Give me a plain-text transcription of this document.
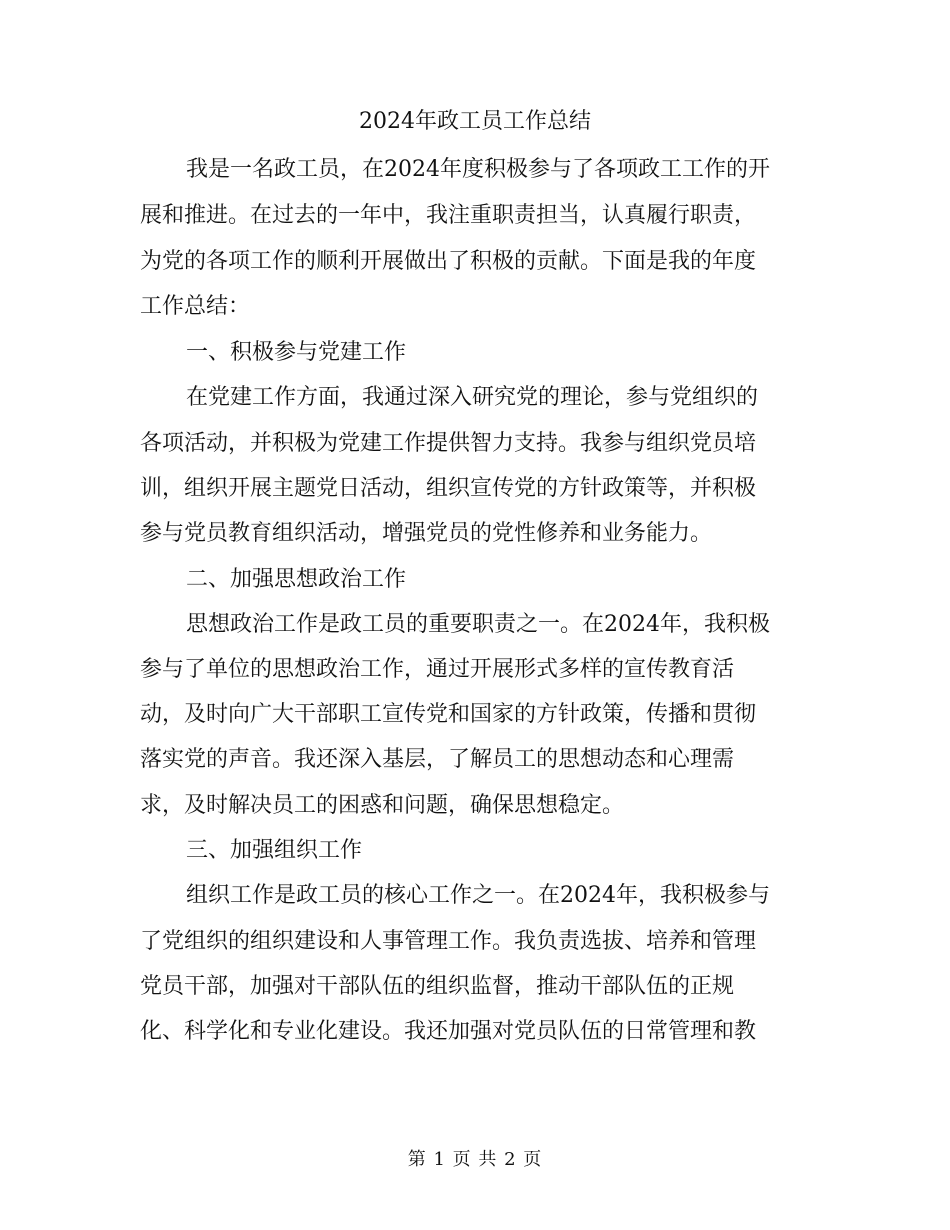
2024年政工员工作总结

我是一名政工员，在2024年度积极参与了各项政工工作的开

展和推进。在过去的一年中，我注重职责担当，认真履行职责，

为党的各项工作的顺利开展做出了积极的贡献。下面是我的年度

工作总结：

一、积极参与党建工作

在党建工作方面，我通过深入研究党的理论，参与党组织的

各项活动，并积极为党建工作提供智力支持。我参与组织党员培

训，组织开展主题党日活动，组织宣传党的方针政策等，并积极

参与党员教育组织活动，增强党员的党性修养和业务能力。

二、加强思想政治工作

思想政治工作是政工员的重要职责之一。在2024年，我积极

参与了单位的思想政治工作，通过开展形式多样的宣传教育活

动，及时向广大干部职工宣传党和国家的方针政策，传播和贯彻

落实党的声音。我还深入基层，了解员工的思想动态和心理需

求，及时解决员工的困惑和问题，确保思想稳定。

三、加强组织工作

组织工作是政工员的核心工作之一。在2024年，我积极参与

了党组织的组织建设和人事管理工作。我负责选拔、培养和管理

党员干部，加强对干部队伍的组织监督，推动干部队伍的正规

化、科学化和专业化建设。我还加强对党员队伍的日常管理和教

第 1 页 共 2 页
